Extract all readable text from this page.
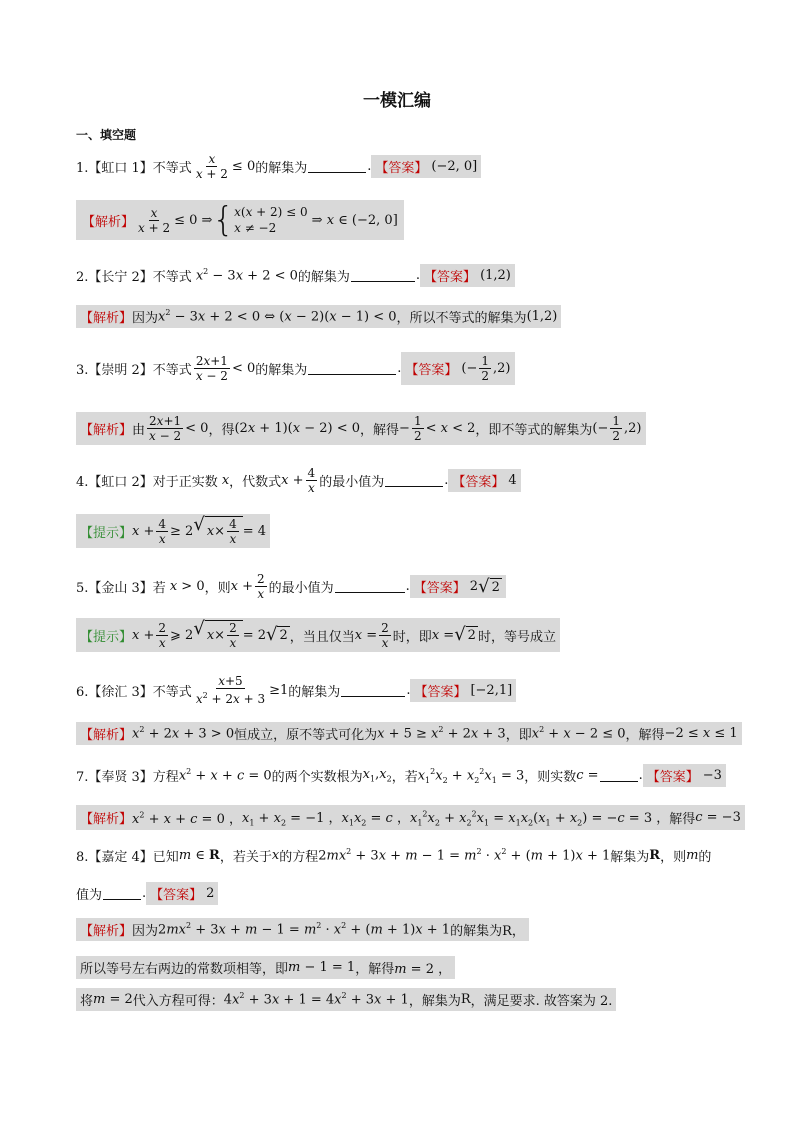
一模汇编
一、填空题
1.【虹口 1】不等式 $\frac{x}{x + 2} \le 0$ 的解集为	. 【答案】 (−2, 0]
【解析】 $\frac{x}{x + 2} \le 0$ ⇒ { x(x + 2) ≤ 0
x ≠ −2
⇒ x ∈ (−2, 0]
2.【长宁 2】不等式 $x^2 - 3x + 2 < 0$ 的解集为	. 【答案】 (1,2)
【解析】 因为 $x^2 - 3x + 2 < 0$ ⇔ (x − 2)(x − 1) < 0 ，所以不等式的解集为 (1,2)
3.【崇明 2】不等式 $\frac{2x+1}{x - 2} < 0$ 的解集为	. 【答案】 (− $\frac{1}{2} ,2$)
【解析】 由 $\frac{2x+1}{x - 2} < 0$ ，得 (2x + 1)(x − 2) < 0 ，解得 − $\frac{1}{2} < x < 2$ ，即不等式的解集为 (− $\frac{1}{2} ,2$)
4.【虹口 2】对于正实数 x ，代数式 $x + \frac{4}{x}$ 的最小值为	. 【答案】 4
【提示】 $x + \frac{4}{x} \ge 2$ √ $x \times \frac{4}{x} = 4$
5.【金山 3】若 x > 0 ，则 $x + \frac{2}{x}$ 的最小值为	. 【答案】 2 √ 2
【提示】 $x + \frac{2}{x}$ ⩾ 2 √ $x \times \frac{2}{x} = 2$ √ 2 ，当且仅当 $x = \frac{2}{x}$ 时，即 x = √ 2 时，等号成立
6.【徐汇 3】不等式 $\frac{x+5}{x^2 + 2x + 3} \ge 1$ 的解集为	. 【答案】 [−2,1]
【解析】 $x^2 + 2x + 3 > 0$ 恒成立，原不等式可化为 $x + 5 \ge x^2 + 2x + 3$ ，即 $x^2 + x - 2 \le 0$ ，解得 −2 ≤ x ≤ 1
7.【奉贤 3】方程 $x^2 + x + c = 0$ 的两个实数根为 $x_1,x_2$ ，若 $x_1^2x_2 + x_2^2x_1 = 3$ ，则实数 c =	. 【答案】 −3
【解析】 $x^2 + x + c = 0$ ， $x_1 + x_2 = -1$ ， $x_1x_2 = c$ ， $x_1^2x_2 + x_2^2x_1 = x_1x_2(x_1 + x_2) = -c = 3$ ， 解得 c = −3
8.【嘉定 4】已知 m ∈ R ，若关于 x 的方程 $2mx^2 + 3x + m - 1 = m^2 \cdot x^2 + (m + 1)x + 1$ 解集为 R ，则 m 的
值为	. 【答案】 2
【解析】 因为 $2mx^2 + 3x + m - 1 = m^2 \cdot x^2 + (m + 1)x + 1$ 的解集为 R，
所以等号左右两边的常数项相等，即 m − 1 = 1 ，解得 m = 2 ，
将 m = 2 代入方程可得： $4x^2 + 3x + 1 = 4x^2 + 3x + 1$ ，解集为 R ，满足要求. 故答案为 2.
